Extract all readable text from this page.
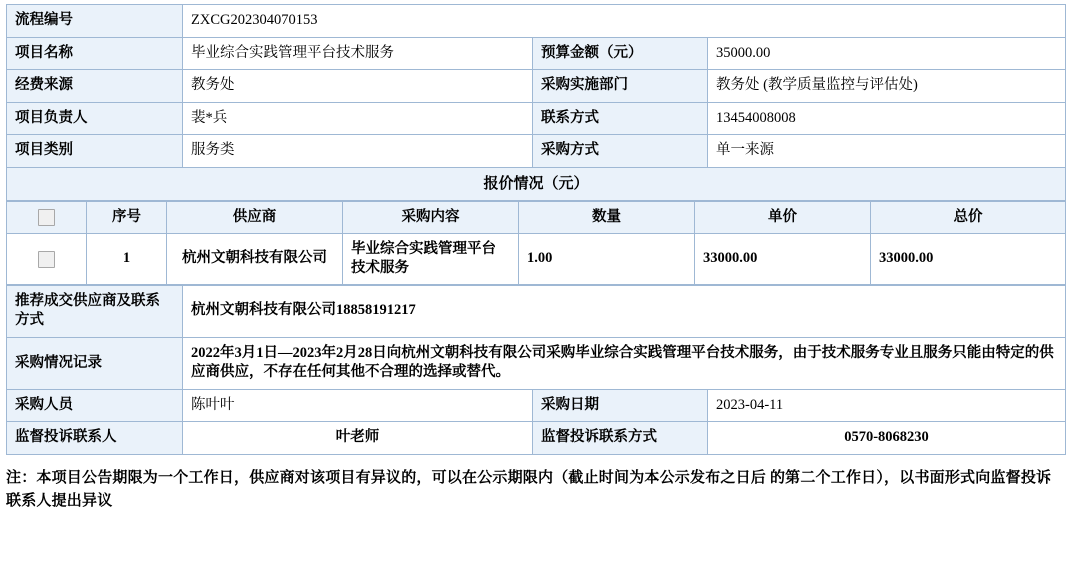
流程编号	ZXCG202304070153		
项目名称	毕业综合实践管理平台技术服务	预算金额（元）	35000.00
经费来源	教务处	采购实施部门	教务处 (教学质量监控与评估处)
项目负责人	裴*兵	联系方式	13454008008
项目类别	服务类	采购方式	单一来源
报价情况（元）			
	序号	供应商	采购内容	数量	单价	总价
	1	杭州文朝科技有限公司	毕业综合实践管理平台技术服务	1.00	33000.00	33000.00
推荐成交供应商及联系方式	杭州文朝科技有限公司18858191217		
采购情况记录	2022年3月1日—2023年2月28日向杭州文朝科技有限公司采购毕业综合实践管理平台技术服务，由于技术服务专业且服务只能由特定的供应商供应，不存在任何其他不合理的选择或替代。		
采购人员	陈叶叶	采购日期	2023-04-11
监督投诉联系人	叶老师	监督投诉联系方式	0570-8068230
注：本项目公告期限为一个工作日，供应商对该项目有异议的，可以在公示期限内（截止时间为本公示发布之日后 的第二个工作日），以书面形式向监督投诉联系人提出异议
